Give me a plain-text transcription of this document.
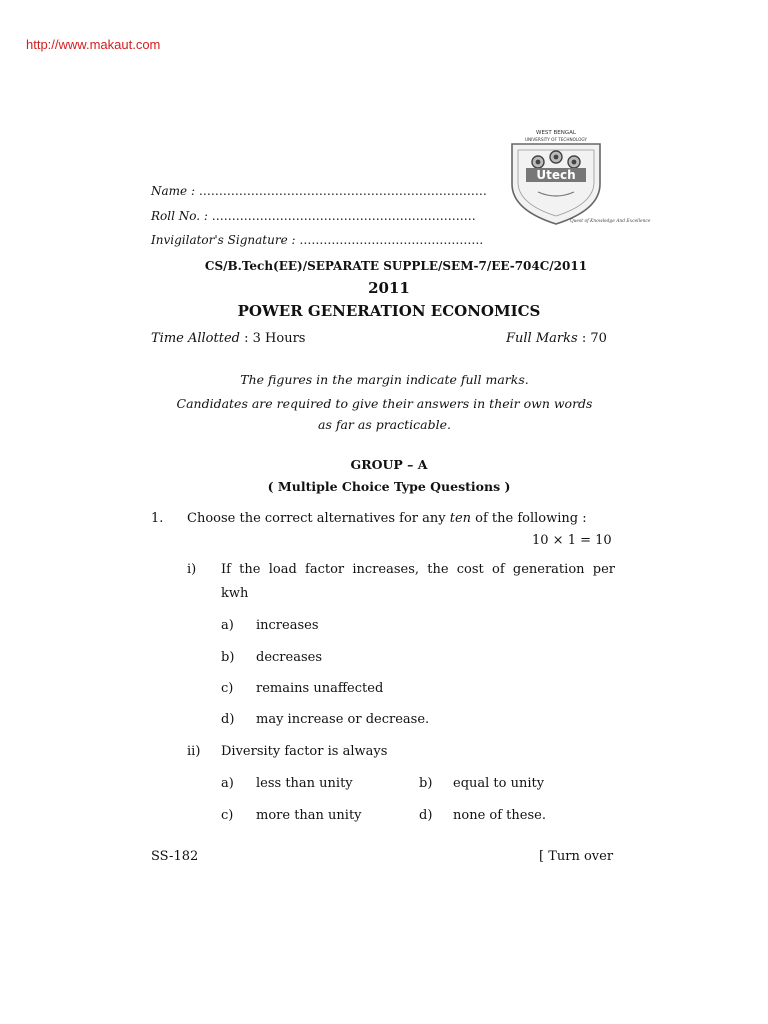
http://www.makaut.com
WEST BENGAL
UNIVERSITY OF TECHNOLOGY
Utech
Quest of Knowledge And Excellence
Name : ………………………………………………………………
Roll No. : …………………………………………………………
Invigilator's Signature : ……………………………………….
CS/B.Tech(EE)/SEPARATE SUPPLE/SEM-7/EE-704C/2011
2011
POWER GENERATION ECONOMICS
Time Allotted : 3 Hours	Full Marks : 70
The figures in the margin indicate full marks.
Candidates are required to give their answers in their own words
as far as practicable.
GROUP – A
( Multiple Choice Type Questions )
1. Choose the correct alternatives for any ten of the following :
10 × 1 = 10
i) If the load factor increases, the cost of generation per
kwh
a) increases
b) decreases
c) remains unaffected
d) may increase or decrease.
ii) Diversity factor is always
a) less than unity	b) equal to unity
c) more than unity	d) none of these.
SS-182	[ Turn over
